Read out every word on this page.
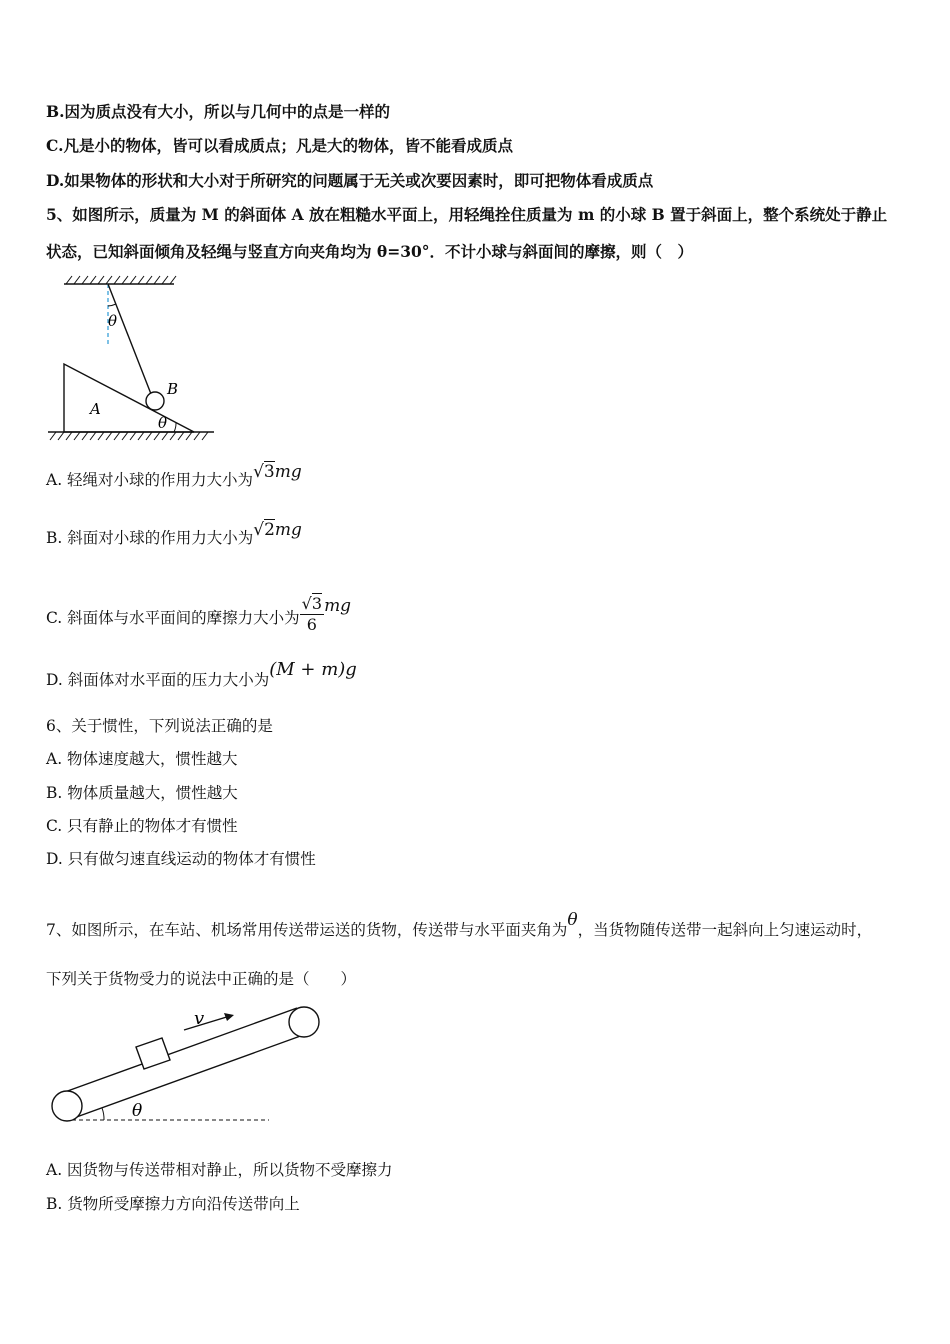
B.因为质点没有大小，所以与几何中的点是一样的
C.凡是小的物体，皆可以看成质点；凡是大的物体，皆不能看成质点
D.如果物体的形状和大小对于所研究的问题属于无关或次要因素时，即可把物体看成质点
5、如图所示，质量为 M 的斜面体 A 放在粗糙水平面上，用轻绳拴住质量为 m 的小球 B 置于斜面上，整个系统处于静止
状态，已知斜面倾角及轻绳与竖直方向夹角均为 θ=30°．不计小球与斜面间的摩擦，则（　）
θ
B
A
θ
A. 轻绳对小球的作用力大小为√3mg
B. 斜面对小球的作用力大小为√2mg
C. 斜面体与水平面间的摩擦力大小为 $\frac{√3}{6}$ mg
D. 斜面体对水平面的压力大小为(M + m)g
6、关于惯性，下列说法正确的是
A. 物体速度越大，惯性越大
B. 物体质量越大，惯性越大
C. 只有静止的物体才有惯性
D. 只有做匀速直线运动的物体才有惯性
7、如图所示，在车站、机场常用传送带运送的货物，传送带与水平面夹角为θ，当货物随传送带一起斜向上匀速运动时，
下列关于货物受力的说法中正确的是（　　）
v
θ
A. 因货物与传送带相对静止，所以货物不受摩擦力
B. 货物所受摩擦力方向沿传送带向上
